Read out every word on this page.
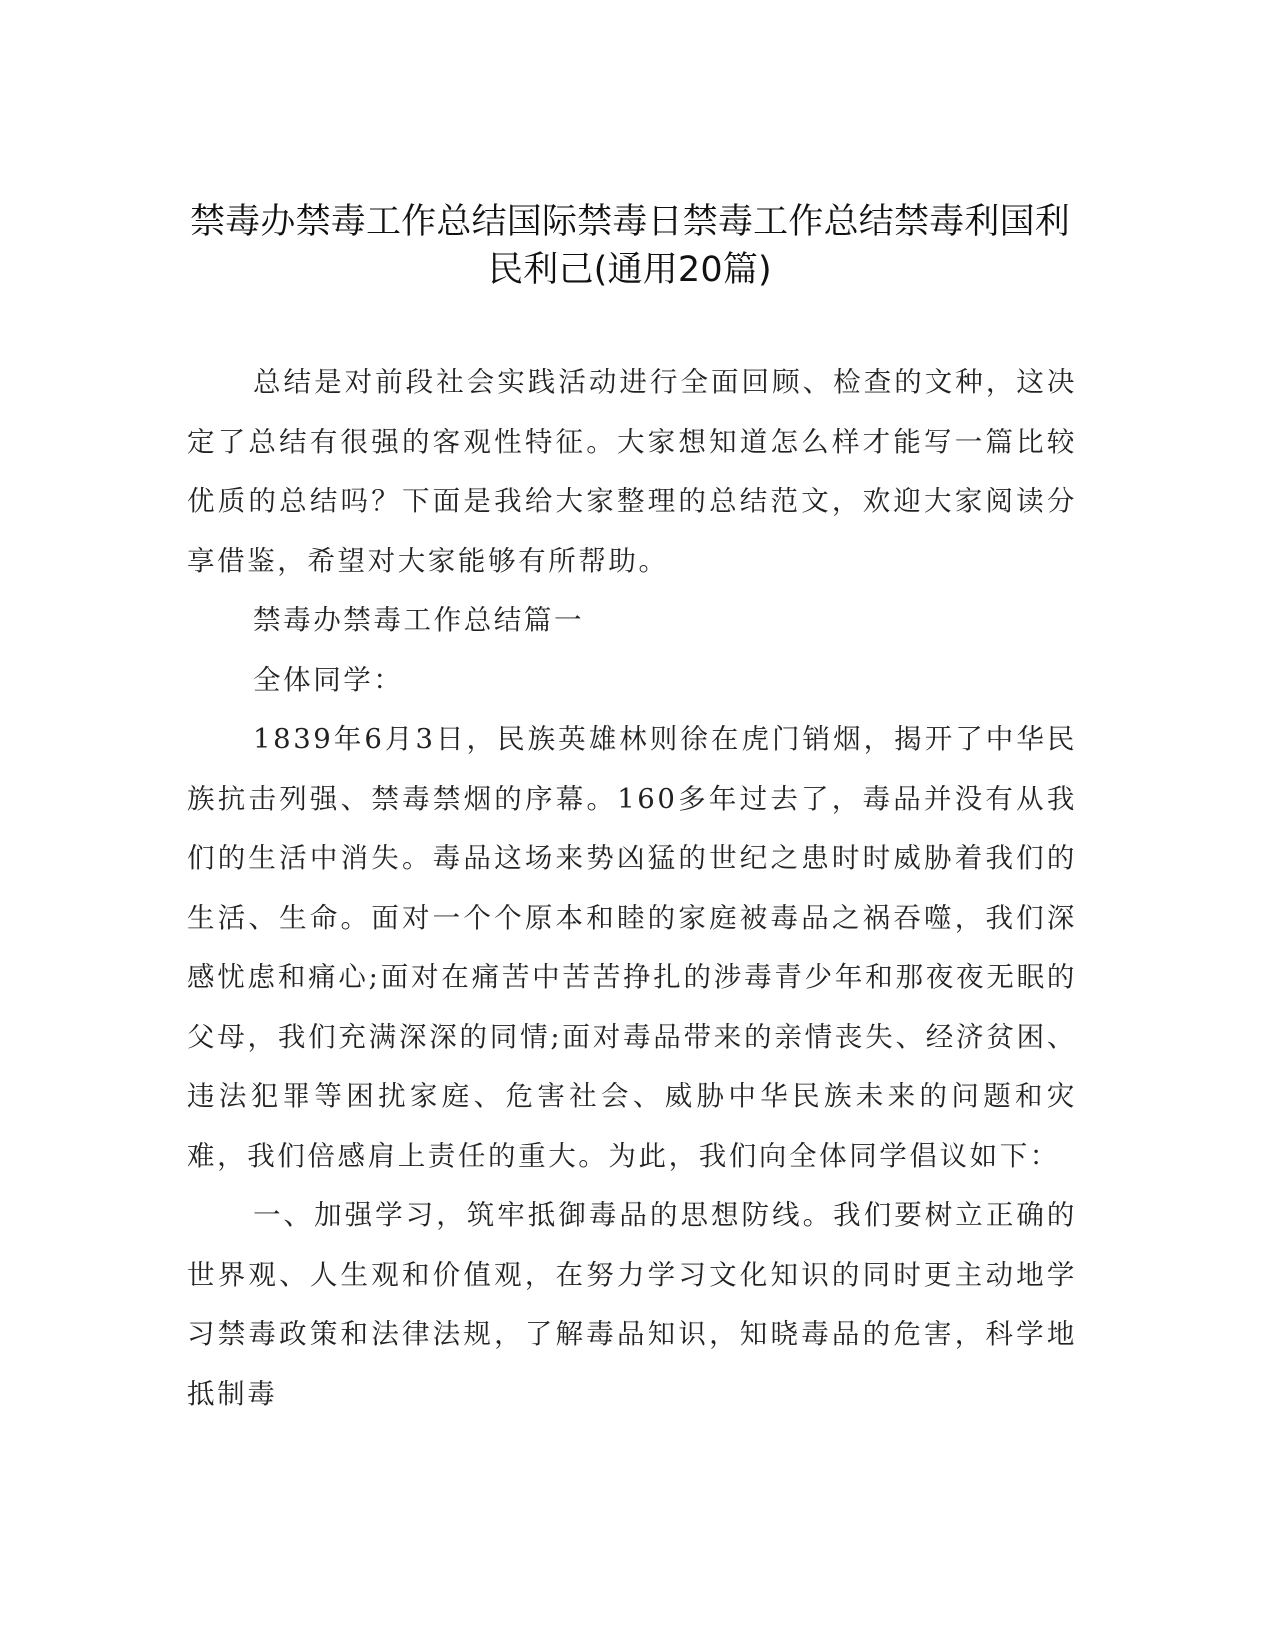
禁毒办禁毒工作总结国际禁毒日禁毒工作总结禁毒利国利民利己(通用20篇)

总结是对前段社会实践活动进行全面回顾、检查的文种，这决定了总结有很强的客观性特征。大家想知道怎么样才能写一篇比较优质的总结吗？下面是我给大家整理的总结范文，欢迎大家阅读分享借鉴，希望对大家能够有所帮助。

禁毒办禁毒工作总结篇一

全体同学：

1839年6月3日，民族英雄林则徐在虎门销烟，揭开了中华民族抗击列强、禁毒禁烟的序幕。160多年过去了，毒品并没有从我们的生活中消失。毒品这场来势凶猛的世纪之患时时威胁着我们的生活、生命。面对一个个原本和睦的家庭被毒品之祸吞噬，我们深感忧虑和痛心;面对在痛苦中苦苦挣扎的涉毒青少年和那夜夜无眠的父母，我们充满深深的同情;面对毒品带来的亲情丧失、经济贫困、违法犯罪等困扰家庭、危害社会、威胁中华民族未来的问题和灾难，我们倍感肩上责任的重大。为此，我们向全体同学倡议如下：

一、加强学习，筑牢抵御毒品的思想防线。我们要树立正确的世界观、人生观和价值观，在努力学习文化知识的同时更主动地学习禁毒政策和法律法规，了解毒品知识，知晓毒品的危害，科学地抵制毒
